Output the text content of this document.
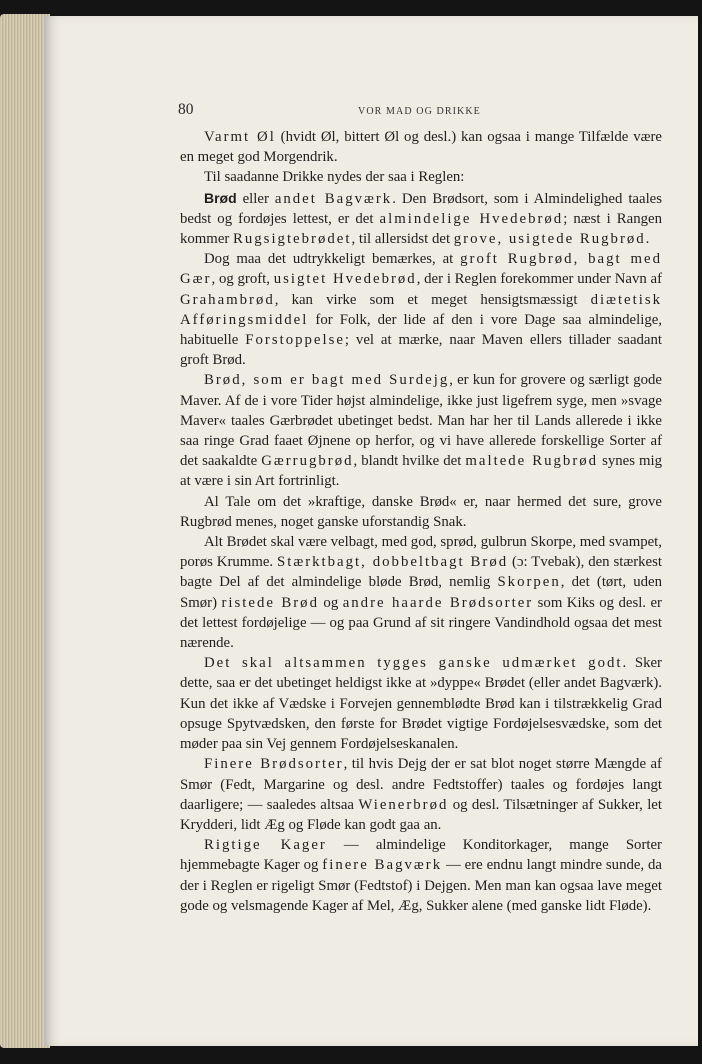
80	VOR MAD OG DRIKKE

Varmt Øl (hvidt Øl, bittert Øl og desl.) kan ogsaa i mange Tilfælde være en meget god Morgendrik.

Til saadanne Drikke nydes der saa i Reglen:

Brød eller andet Bagværk. Den Brødsort, som i Almindelighed taales bedst og fordøjes lettest, er det almindelige Hvedebrød; næst i Rangen kommer Rugsigtebrødet, til allersidst det grove, usigtede Rugbrød.

Dog maa det udtrykkeligt bemærkes, at groft Rugbrød, bagt med Gær, og groft, usigtet Hvedebrød, der i Reglen forekommer under Navn af Grahambrød, kan virke som et meget hensigtsmæssigt diætetisk Afføringsmiddel for Folk, der lide af den i vore Dage saa almindelige, habituelle Forstoppelse; vel at mærke, naar Maven ellers tillader saadant groft Brød.

Brød, som er bagt med Surdejg, er kun for grovere og særligt gode Maver. Af de i vore Tider højst almindelige, ikke just ligefrem syge, men »svage Maver« taales Gærbrødet ubetinget bedst. Man har her til Lands allerede i ikke saa ringe Grad faaet Øjnene op herfor, og vi have allerede forskellige Sorter af det saakaldte Gærrugbrød, blandt hvilke det maltede Rugbrød synes mig at være i sin Art fortrinligt.

Al Tale om det »kraftige, danske Brød« er, naar hermed det sure, grove Rugbrød menes, noget ganske uforstandig Snak.

Alt Brødet skal være velbagt, med god, sprød, gulbrun Skorpe, med svampet, porøs Krumme. Stærktbagt, dobbeltbagt Brød (ɔ: Tvebak), den stærkest bagte Del af det almindelige bløde Brød, nemlig Skorpen, det (tørt, uden Smør) ristede Brød og andre haarde Brødsorter som Kiks og desl. er det lettest fordøjelige — og paa Grund af sit ringere Vandindhold ogsaa det mest nærende.

Det skal altsammen tygges ganske udmærket godt. Sker dette, saa er det ubetinget heldigst ikke at »dyppe« Brødet (eller andet Bagværk). Kun det ikke af Vædske i Forvejen gennemblødte Brød kan i tilstrækkelig Grad opsuge Spytvædsken, den første for Brødet vigtige Fordøjelsesvædske, som det møder paa sin Vej gennem Fordøjelseskanalen.

Finere Brødsorter, til hvis Dejg der er sat blot noget større Mængde af Smør (Fedt, Margarine og desl. andre Fedtstoffer) taales og fordøjes langt daarligere; — saaledes altsaa Wienerbrød og desl. Tilsætninger af Sukker, let Krydderi, lidt Æg og Fløde kan godt gaa an.

Rigtige Kager — almindelige Konditorkager, mange Sorter hjemmebagte Kager og finere Bagværk — ere endnu langt mindre sunde, da der i Reglen er rigeligt Smør (Fedtstof) i Dejgen. Men man kan ogsaa lave meget gode og velsmagende Kager af Mel, Æg, Sukker alene (med ganske lidt Fløde).
